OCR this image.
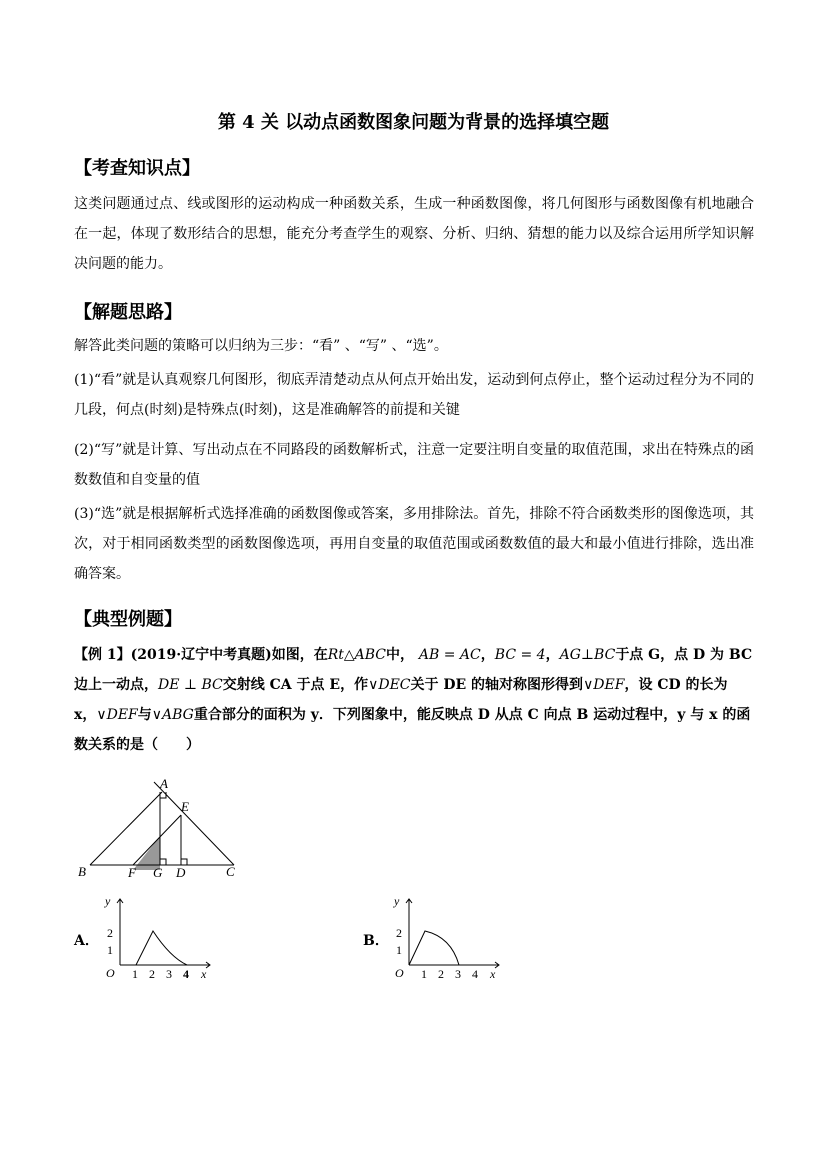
第 4 关 以动点函数图象问题为背景的选择填空题
【考查知识点】
这类问题通过点、线或图形的运动构成一种函数关系，生成一种函数图像，将几何图形与函数图像有机地融合在一起，体现了数形结合的思想，能充分考查学生的观察、分析、归纳、猜想的能力以及综合运用所学知识解决问题的能力。
【解题思路】
解答此类问题的策略可以归纳为三步：“看” 、“写” 、“选”。
(1)“看”就是认真观察几何图形，彻底弄清楚动点从何点开始出发，运动到何点停止，整个运动过程分为不同的几段，何点(时刻)是特殊点(时刻)，这是准确解答的前提和关键
(2)“写”就是计算、写出动点在不同路段的函数解析式，注意一定要注明自变量的取值范围，求出在特殊点的函数数值和自变量的值
(3)“选”就是根据解析式选择准确的函数图像或答案，多用排除法。首先，排除不符合函数类形的图像选项，其次，对于相同函数类型的函数图像选项，再用自变量的取值范围或函数数值的最大和最小值进行排除，选出准确答案。
【典型例题】
【例 1】(2019·辽宁中考真题)如图，在Rt△ABC中， AB = AC，BC = 4，AG⊥BC于点 G，点 D 为 BC 边上一动点，DE ⊥ BC交射线 CA 于点 E，作∨DEC关于 DE 的轴对称图形得到∨DEF，设 CD 的长为 x，∨DEF与∨ABG重合部分的面积为 y．下列图象中，能反映点 D 从点 C 向点 B 运动过程中，y 与 x 的函数关系的是（　　）
A
E
B	F G D	C
A．
y
2
1
O 1 2 3 4 x
B．
y
2
1
O 1 2 3 4 x
